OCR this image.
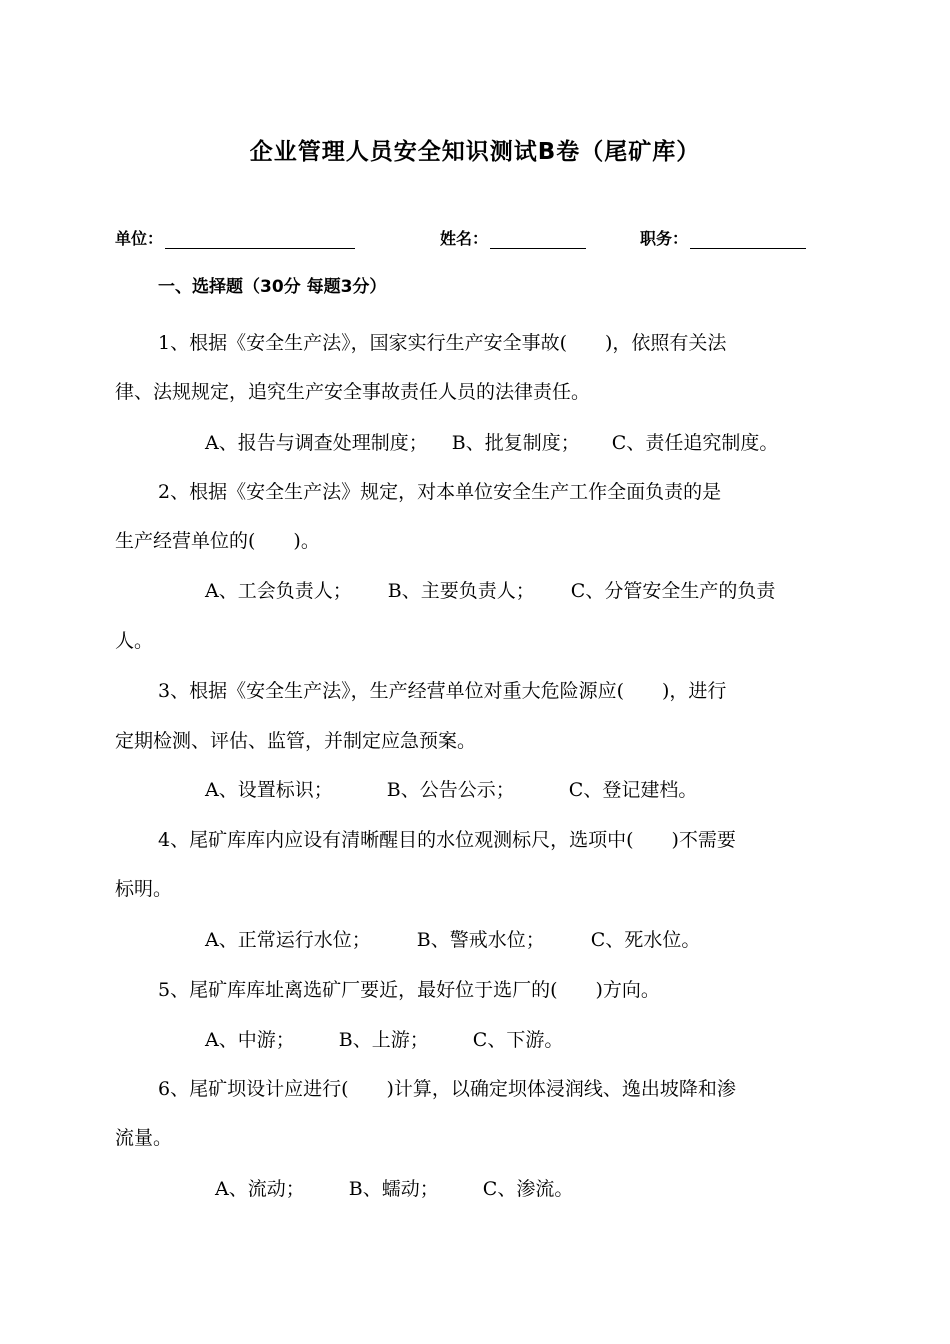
企业管理人员安全知识测试B卷（尾矿库）
单位：	姓名：	职务：
一、选择题（30分 每题3分）
1、根据《安全生产法》，国家实行生产安全事故(　　)，依照有关法
律、法规规定，追究生产安全事故责任人员的法律责任。
A、报告与调查处理制度； B、批复制度； C、责任追究制度。
2、根据《安全生产法》规定，对本单位安全生产工作全面负责的是
生产经营单位的(　　)。
A、工会负责人； B、主要负责人； C、分管安全生产的负责
人。
3、根据《安全生产法》，生产经营单位对重大危险源应(　　)，进行
定期检测、评估、监管，并制定应急预案。
A、设置标识；	B、公告公示；	C、登记建档。
4、尾矿库库内应设有清晰醒目的水位观测标尺，选项中(　　)不需要
标明。
A、正常运行水位； B、警戒水位； C、死水位。
5、尾矿库库址离选矿厂要近，最好位于选厂的(　　)方向。
A、中游； B、上游； C、下游。
6、尾矿坝设计应进行(　　)计算，以确定坝体浸润线、逸出坡降和渗
流量。
A、流动； B、蠕动； C、渗流。
